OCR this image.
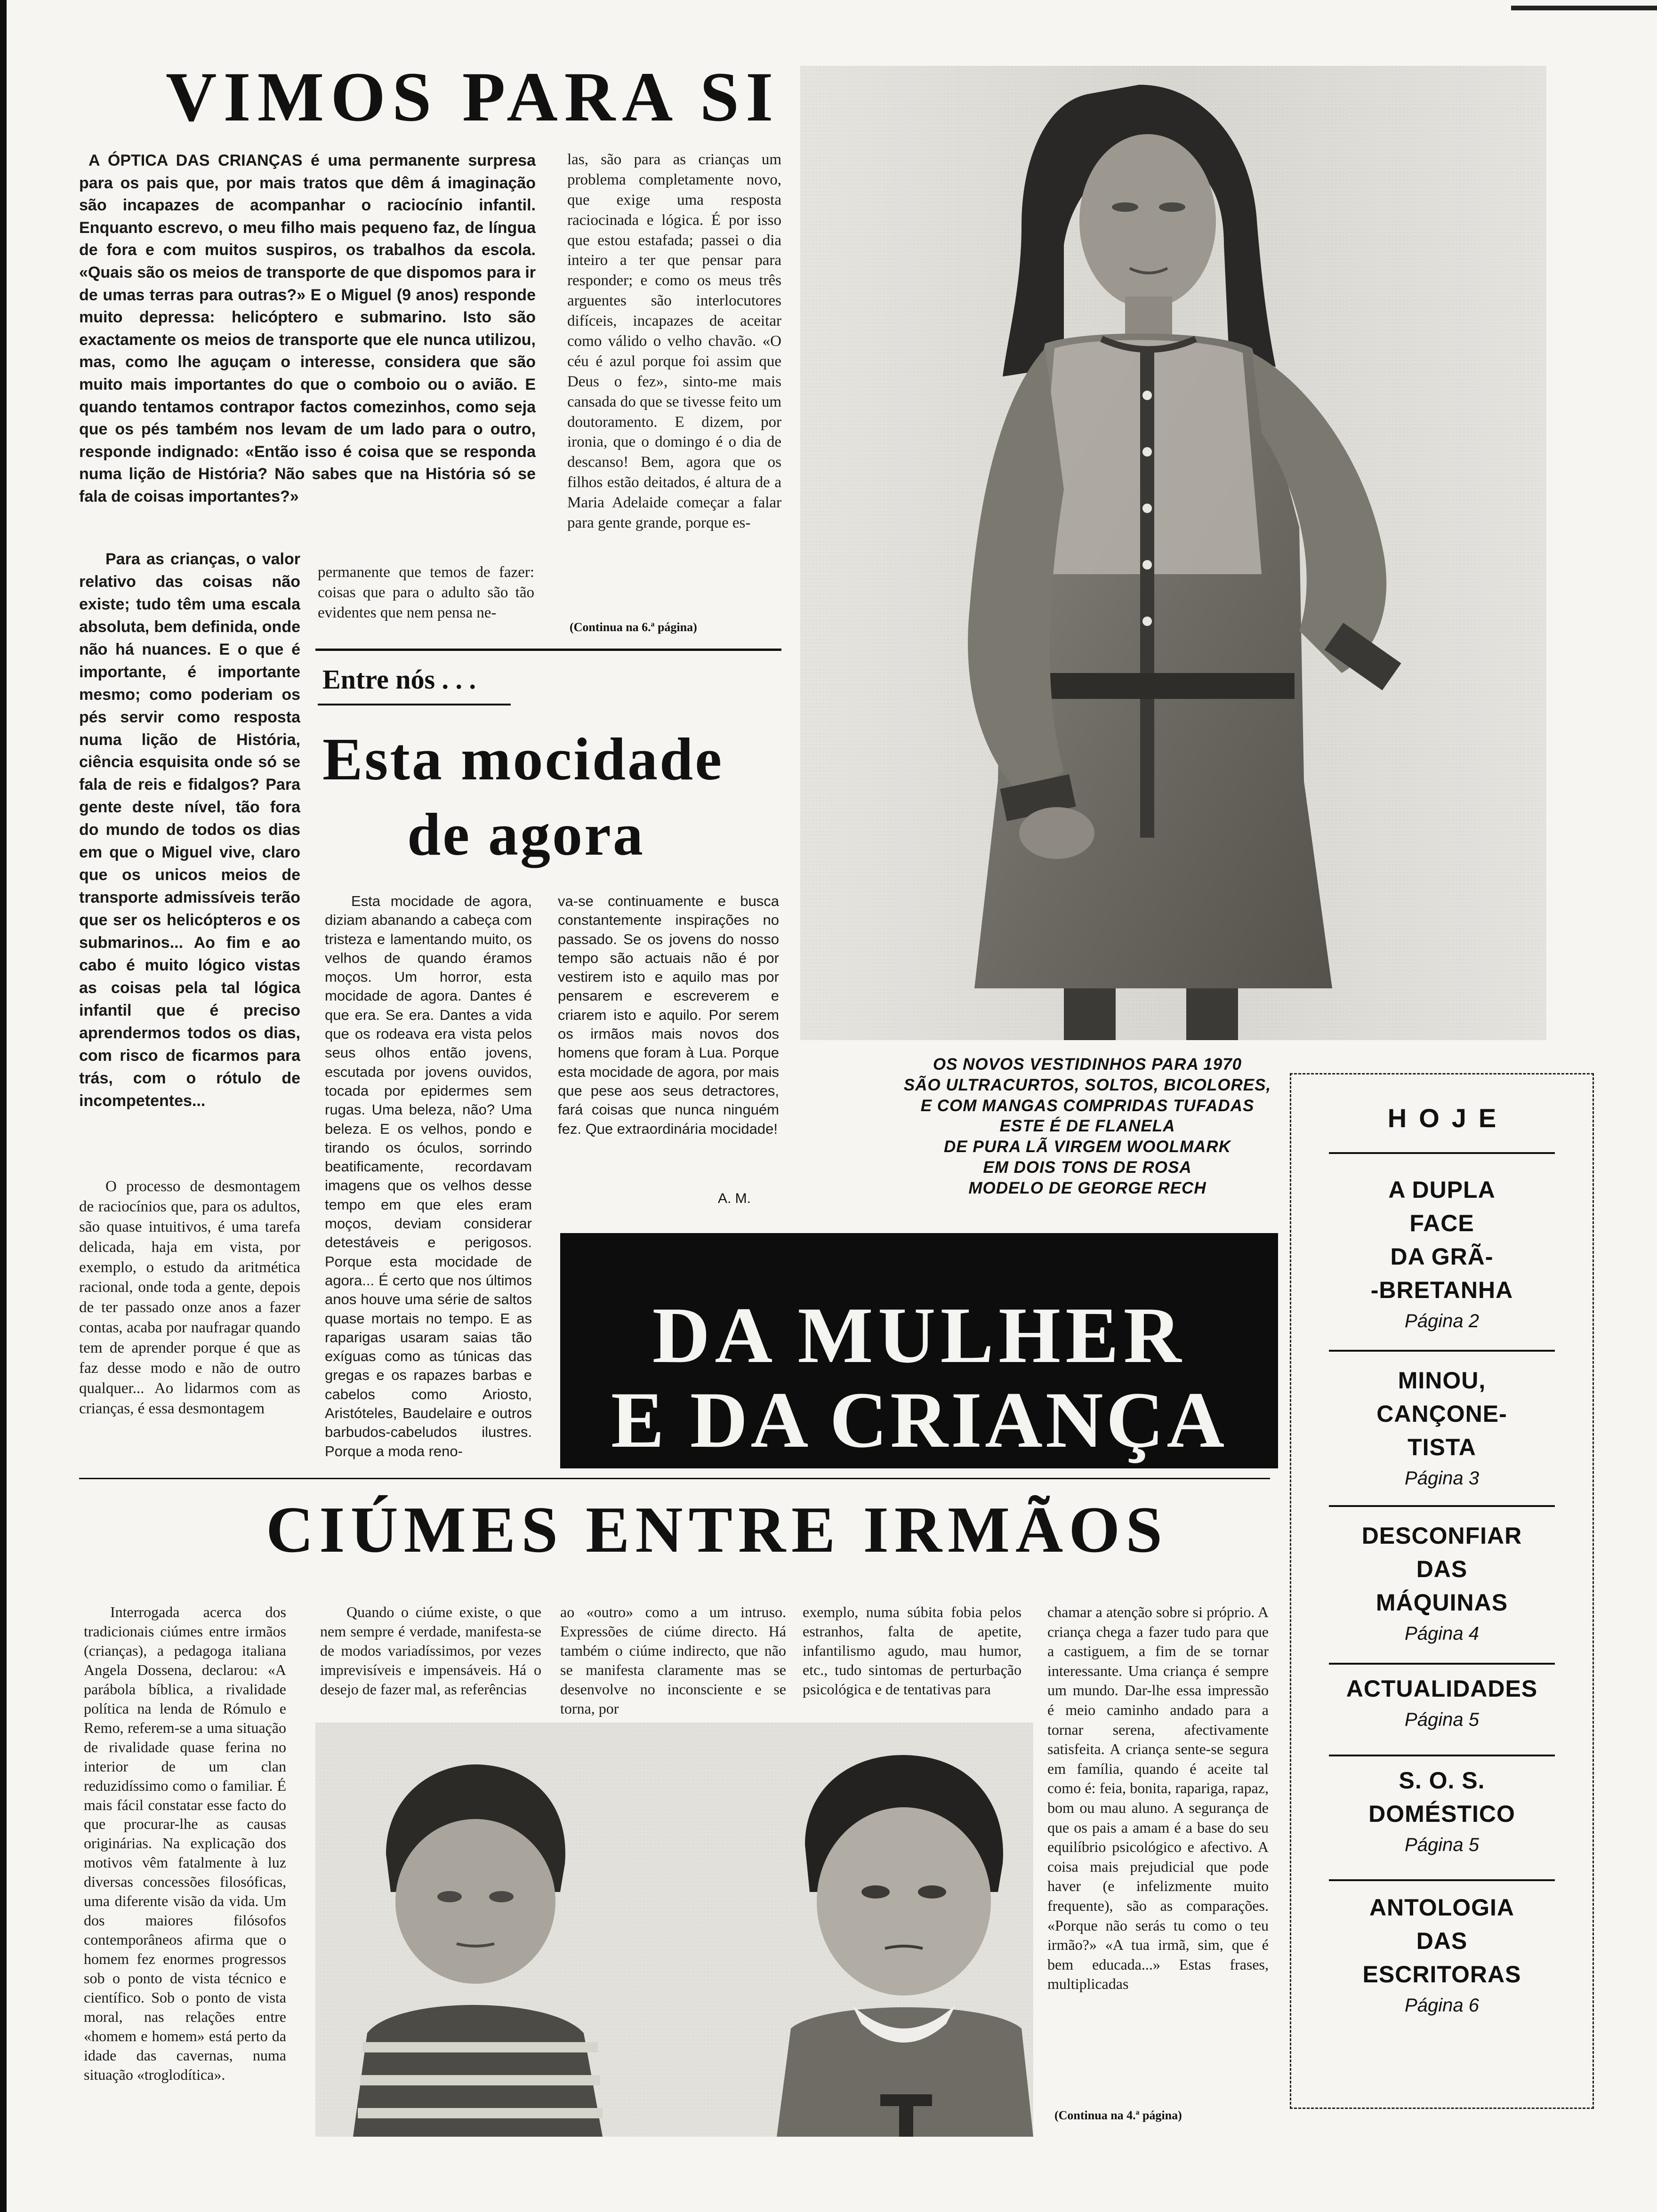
VIMOS PARA SI

A ÓPTICA DAS CRIANÇAS é uma permanente surpresa para os pais que, por mais tratos que dêm á imaginação são incapazes de acompanhar o raciocínio infantil. Enquanto escrevo, o meu filho mais pequeno faz, de língua de fora e com muitos suspiros, os trabalhos da escola. «Quais são os meios de transporte de que dispomos para ir de umas terras para outras?» E o Miguel (9 anos) responde muito depressa: helicóptero e submarino. Isto são exactamente os meios de transporte que ele nunca utilizou, mas, como lhe aguçam o interesse, considera que são muito mais importantes do que o comboio ou o avião. E quando tentamos contrapor factos comezinhos, como seja que os pés também nos levam de um lado para o outro, responde indignado: «Então isso é coisa que se responda numa lição de História? Não sabes que na História só se fala de coisas importantes?»

Para as crianças, o valor relativo das coisas não existe; tudo têm uma escala absoluta, bem definida, onde não há nuances. E o que é importante, é importante mesmo; como poderiam os pés servir como resposta numa lição de História, ciência esquisita onde só se fala de reis e fidalgos? Para gente deste nível, tão fora do mundo de todos os dias em que o Miguel vive, claro que os unicos meios de transporte admissíveis terão que ser os helicópteros e os submarinos... Ao fim e ao cabo é muito lógico vistas as coisas pela tal lógica infantil que é preciso aprendermos todos os dias, com risco de ficarmos para trás, com o rótulo de incompetentes...

O processo de desmontagem de raciocínios que, para os adultos, são quase intuitivos, é uma tarefa delicada, haja em vista, por exemplo, o estudo da aritmética racional, onde toda a gente, depois de ter passado onze anos a fazer contas, acaba por naufragar quando tem de aprender porque é que as faz desse modo e não de outro qualquer... Ao lidarmos com as crianças, é essa desmontagem

permanente que temos de fazer: coisas que para o adulto são tão evidentes que nem pensa ne-

las, são para as crianças um problema completamente novo, que exige uma resposta raciocinada e lógica. É por isso que estou estafada; passei o dia inteiro a ter que pensar para responder; e como os meus três arguentes são interlocutores difíceis, incapazes de aceitar como válido o velho chavão. «O céu é azul porque foi assim que Deus o fez», sinto-me mais cansada do que se tivesse feito um doutoramento. E dizem, por ironia, que o domingo é o dia de descanso! Bem, agora que os filhos estão deitados, é altura de a Maria Adelaide começar a falar para gente grande, porque es-

(Continua na 6.ª página)
Entre nós . . .
Esta mocidade
de agora

Esta mocidade de agora, diziam abanando a cabeça com tristeza e lamentando muito, os velhos de quando éramos moços. Um horror, esta mocidade de agora. Dantes é que era. Se era. Dantes a vida que os rodeava era vista pelos seus olhos então jovens, escutada por jovens ouvidos, tocada por epidermes sem rugas. Uma beleza, não? Uma beleza. E os velhos, pondo e tirando os óculos, sorrindo beatificamente, recordavam imagens que os velhos desse tempo em que eles eram moços, deviam considerar detestáveis e perigosos. Porque esta mocidade de agora... É certo que nos últimos anos houve uma série de saltos quase mortais no tempo. E as raparigas usaram saias tão exíguas como as túnicas das gregas e os rapazes barbas e cabelos como Ariosto, Aristóteles, Baudelaire e outros barbudos-cabeludos ilustres. Porque a moda reno-

va-se continuamente e busca constantemente inspirações no passado. Se os jovens do nosso tempo são actuais não é por vestirem isto e aquilo mas por pensarem e escreverem e criarem isto e aquilo. Por serem os irmãos mais novos dos homens que foram à Lua. Porque esta mocidade de agora, por mais que pese aos seus detractores, fará coisas que nunca ninguém fez. Que extraordinária mocidade!

A. M.
OS NOVOS VESTIDINHOS PARA 1970
SÃO ULTRACURTOS, SOLTOS, BICOLORES,
E COM MANGAS COMPRIDAS TUFADAS
ESTE É DE FLANELA
DE PURA LÃ VIRGEM WOOLMARK
EM DOIS TONS DE ROSA
MODELO DE GEORGE RECH
DA MULHER
E DA CRIANÇA
HOJE
A DUPLA
FACE
DA GRÃ-
-BRETANHA
Página 2
MINOU,
CANÇONE-
TISTA
Página 3
DESCONFIAR
DAS
MÁQUINAS
Página 4
ACTUALIDADES
Página 5
S. O. S.
DOMÉSTICO
Página 5
ANTOLOGIA
DAS
ESCRITORAS
Página 6
CIÚMES ENTRE IRMÃOS

Interrogada acerca dos tradicionais ciúmes entre irmãos (crianças), a pedagoga italiana Angela Dossena, declarou: «A parábola bíblica, a rivalidade política na lenda de Rómulo e Remo, referem-se a uma situação de rivalidade quase ferina no interior de um clan reduzidíssimo como o familiar. É mais fácil constatar esse facto do que procurar-lhe as causas originárias. Na explicação dos motivos vêm fatalmente à luz diversas concessões filosóficas, uma diferente visão da vida. Um dos maiores filósofos contemporâneos afirma que o homem fez enormes progressos sob o ponto de vista técnico e científico. Sob o ponto de vista moral, nas relações entre «homem e homem» está perto da idade das cavernas, numa situação «troglodítica».

Quando o ciúme existe, o que nem sempre é verdade, manifesta-se de modos variadíssimos, por vezes imprevisíveis e impensáveis. Há o desejo de fazer mal, as referências

ao «outro» como a um intruso. Expressões de ciúme directo. Há também o ciúme indirecto, que não se manifesta claramente mas se desenvolve no inconsciente e se torna, por

exemplo, numa súbita fobia pelos estranhos, falta de apetite, infantilismo agudo, mau humor, etc., tudo sintomas de perturbação psicológica e de tentativas para

chamar a atenção sobre si próprio. A criança chega a fazer tudo para que a castiguem, a fim de se tornar interessante. Uma criança é sempre um mundo. Dar-lhe essa impressão é meio caminho andado para a tornar serena, afectivamente satisfeita. A criança sente-se segura em família, quando é aceite tal como é: feia, bonita, rapariga, rapaz, bom ou mau aluno. A segurança de que os pais a amam é a base do seu equilíbrio psicológico e afectivo. A coisa mais prejudicial que pode haver (e infelizmente muito frequente), são as comparações. «Porque não serás tu como o teu irmão?» «A tua irmã, sim, que é bem educada...» Estas frases, multiplicadas

(Continua na 4.ª página)
